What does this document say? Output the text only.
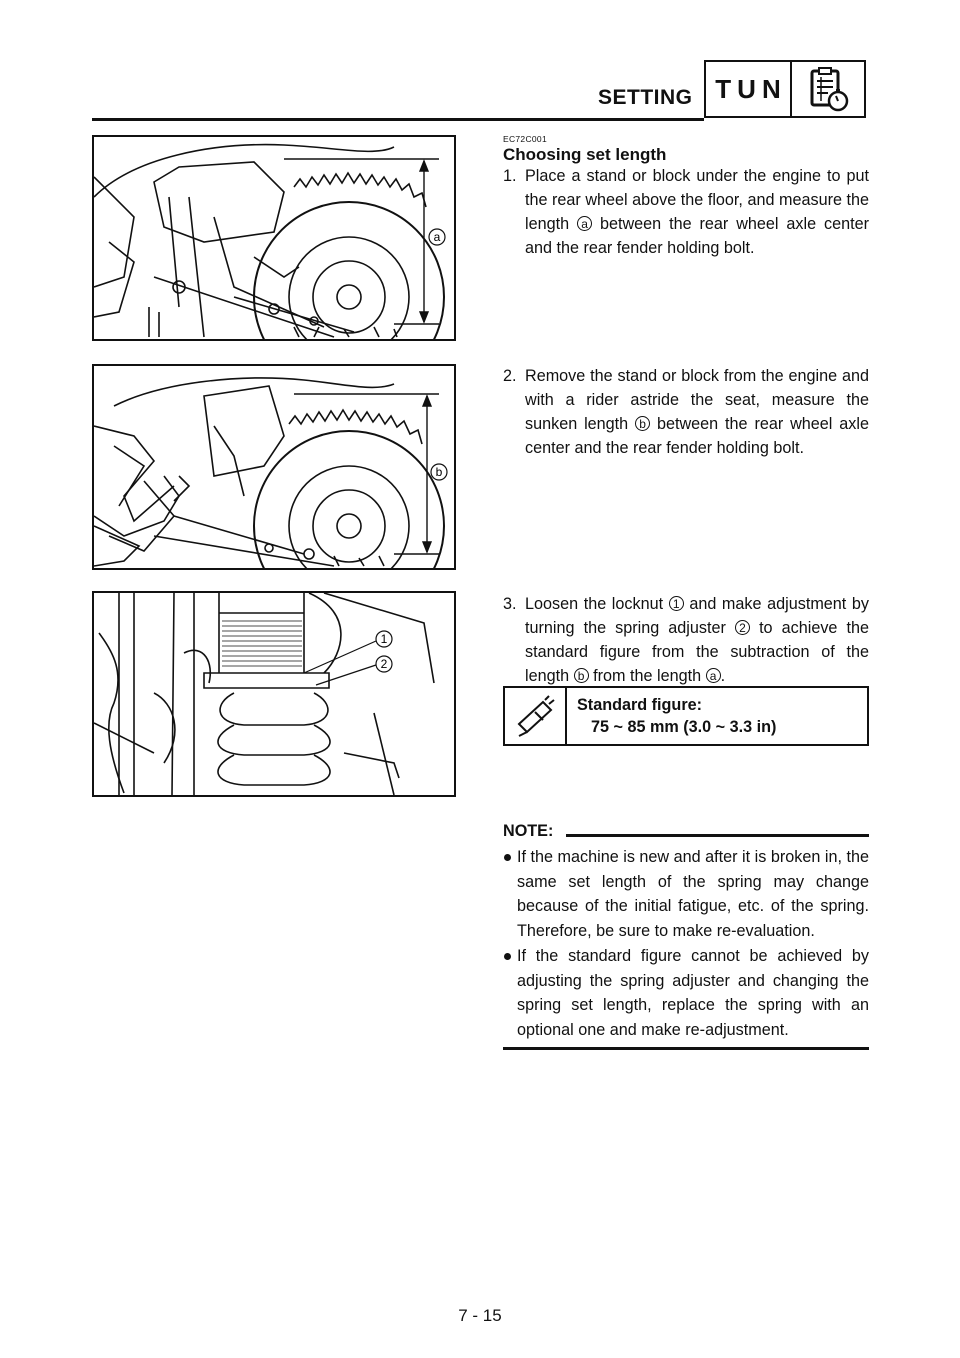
SETTING TUN
a
b
1
2
EC72C001
Choosing set length
1. Place a stand or block under the engine to put the rear wheel above the floor, and measure the length a between the rear wheel axle center and the rear fender holding bolt.
2. Remove the stand or block from the engine and with a rider astride the seat, measure the sunken length b between the rear wheel axle center and the rear fender holding bolt.
3. Loosen the locknut 1 and make adjustment by turning the spring adjuster 2 to achieve the standard figure from the subtraction of the length b from the length a .
Standard figure:
75 ~ 85 mm (3.0 ~ 3.3 in)
NOTE:
If the machine is new and after it is broken in, the same set length of the spring may change because of the initial fatigue, etc. of the spring. Therefore, be sure to make re-evaluation.
If the standard figure cannot be achieved by adjusting the spring adjuster and changing the spring set length, replace the spring with an optional one and make re-adjustment.
7 - 15
